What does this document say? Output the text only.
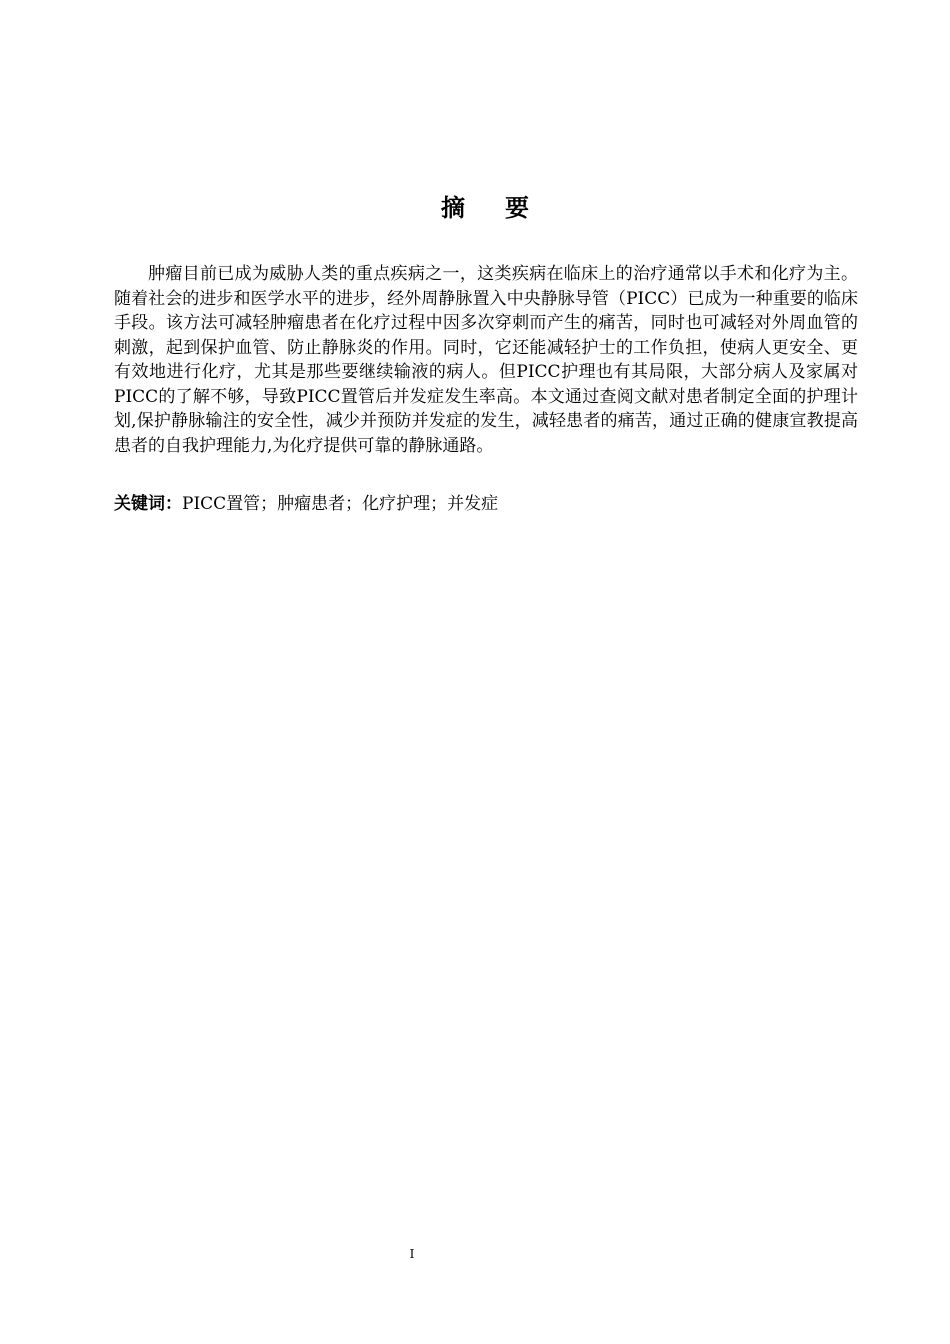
摘要

肿瘤目前已成为威胁人类的重点疾病之一，这类疾病在临床上的治疗通常以手术和化疗为主。随着社会的进步和医学水平的进步，经外周静脉置入中央静脉导管（PICC）已成为一种重要的临床手段。该方法可减轻肿瘤患者在化疗过程中因多次穿刺而产生的痛苦，同时也可减轻对外周血管的刺激，起到保护血管、防止静脉炎的作用。同时，它还能减轻护士的工作负担，使病人更安全、更有效地进行化疗，尤其是那些要继续输液的病人。但PICC护理也有其局限，大部分病人及家属对 PICC的了解不够，导致PICC置管后并发症发生率高。本文通过查阅文献对患者制定全面的护理计划,保护静脉输注的安全性，减少并预防并发症的发生，减轻患者的痛苦，通过正确的健康宣教提高患者的自我护理能力,为化疗提供可靠的静脉通路。

关键词：PICC置管；肿瘤患者；化疗护理；并发症

I
